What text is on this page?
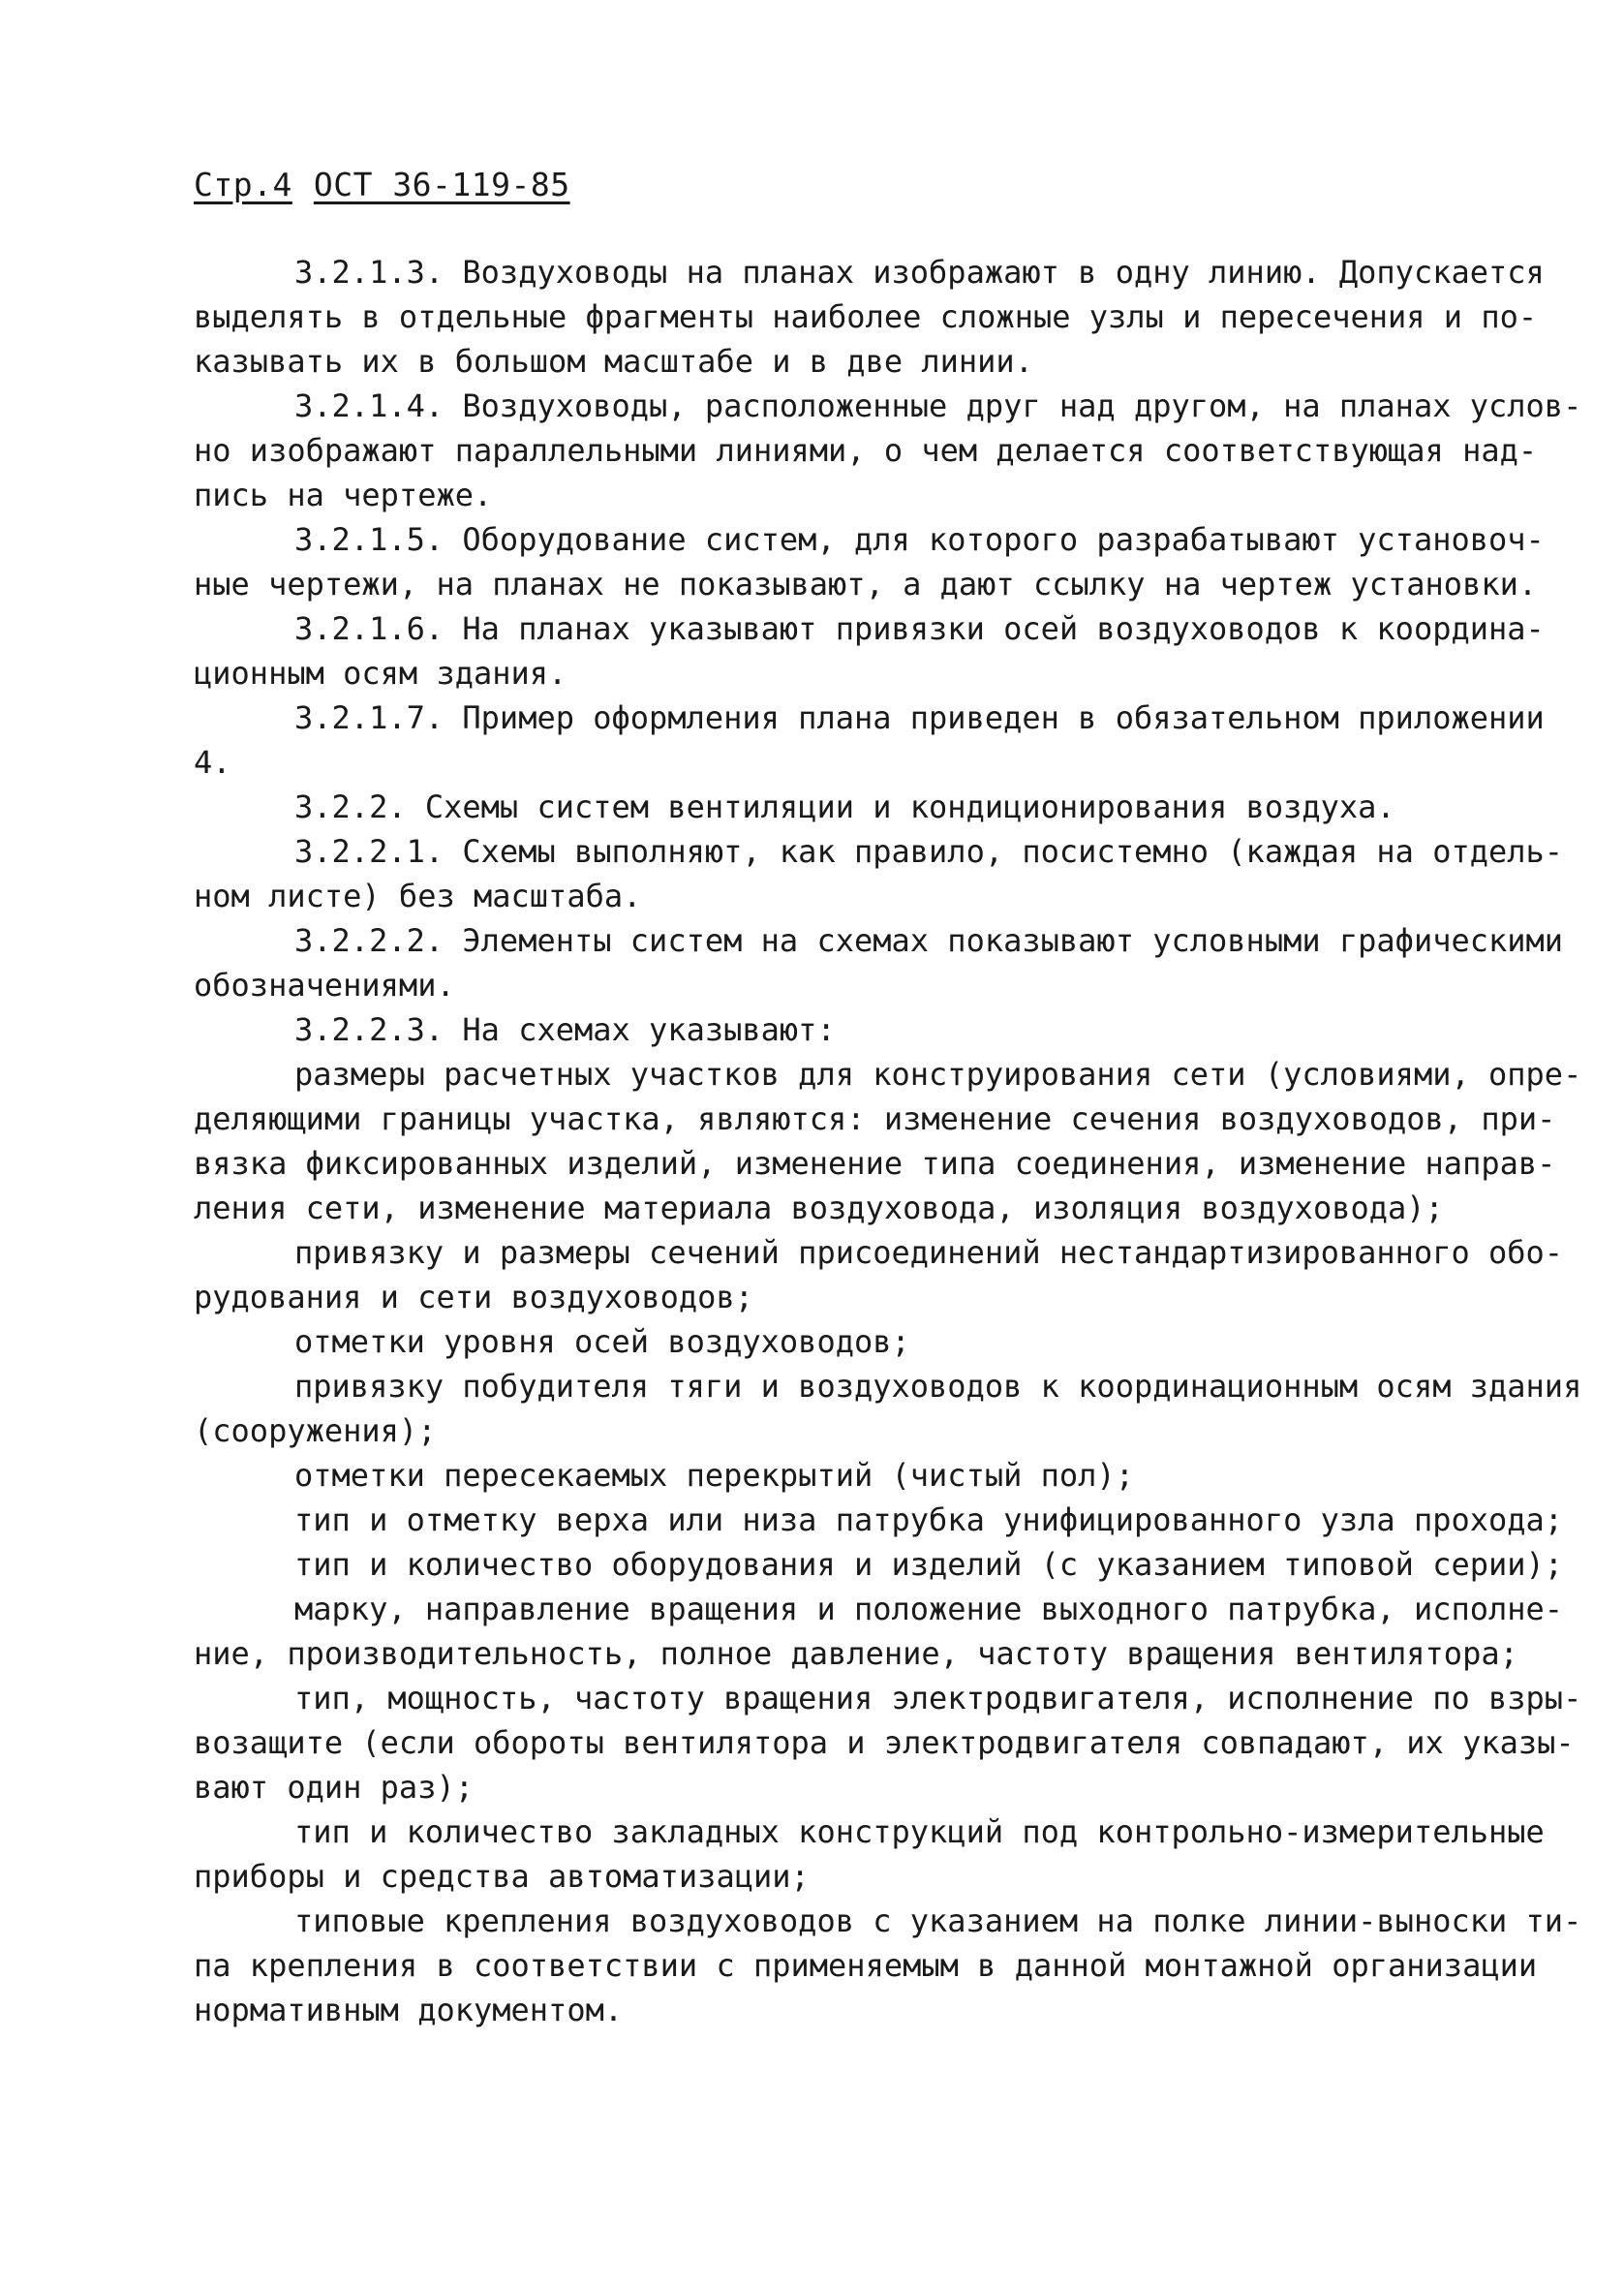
Стр.4 ОСТ 36-119-85

3.2.1.3. Воздуховоды на планах изображают в одну линию. Допускается
выделять в отдельные фрагменты наиболее сложные узлы и пересечения и по-
казывать их в большом масштабе и в две линии.

3.2.1.4. Воздуховоды, расположенные друг над другом, на планах услов-
но изображают параллельными линиями, о чем делается соответствующая над-
пись на чертеже.

3.2.1.5. Оборудование систем, для которого разрабатывают установоч-
ные чертежи, на планах не показывают, а дают ссылку на чертеж установки.

3.2.1.6. На планах указывают привязки осей воздуховодов к координа-
ционным осям здания.

3.2.1.7. Пример оформления плана приведен в обязательном приложении
4.

3.2.2. Схемы систем вентиляции и кондиционирования воздуха.

3.2.2.1. Схемы выполняют, как правило, посистемно (каждая на отдель-
ном листе) без масштаба.

3.2.2.2. Элементы систем на схемах показывают условными графическими
обозначениями.

3.2.2.3. На схемах указывают:

размеры расчетных участков для конструирования сети (условиями, опре-
деляющими границы участка, являются: изменение сечения воздуховодов, при-
вязка фиксированных изделий, изменение типа соединения, изменение направ-
ления сети, изменение материала воздуховода, изоляция воздуховода);

привязку и размеры сечений присоединений нестандартизированного обо-
рудования и сети воздуховодов;

отметки уровня осей воздуховодов;

привязку побудителя тяги и воздуховодов к координационным осям здания
(сооружения);

отметки пересекаемых перекрытий (чистый пол);

тип и отметку верха или низа патрубка унифицированного узла прохода;

тип и количество оборудования и изделий (с указанием типовой серии);

марку, направление вращения и положение выходного патрубка, исполне-
ние, производительность, полное давление, частоту вращения вентилятора;

тип, мощность, частоту вращения электродвигателя, исполнение по взры-
возащите (если обороты вентилятора и электродвигателя совпадают, их указы-
вают один раз);

тип и количество закладных конструкций под контрольно-измерительные
приборы и средства автоматизации;

типовые крепления воздуховодов с указанием на полке линии-выноски ти-
па крепления в соответствии с применяемым в данной монтажной организации
нормативным документом.
